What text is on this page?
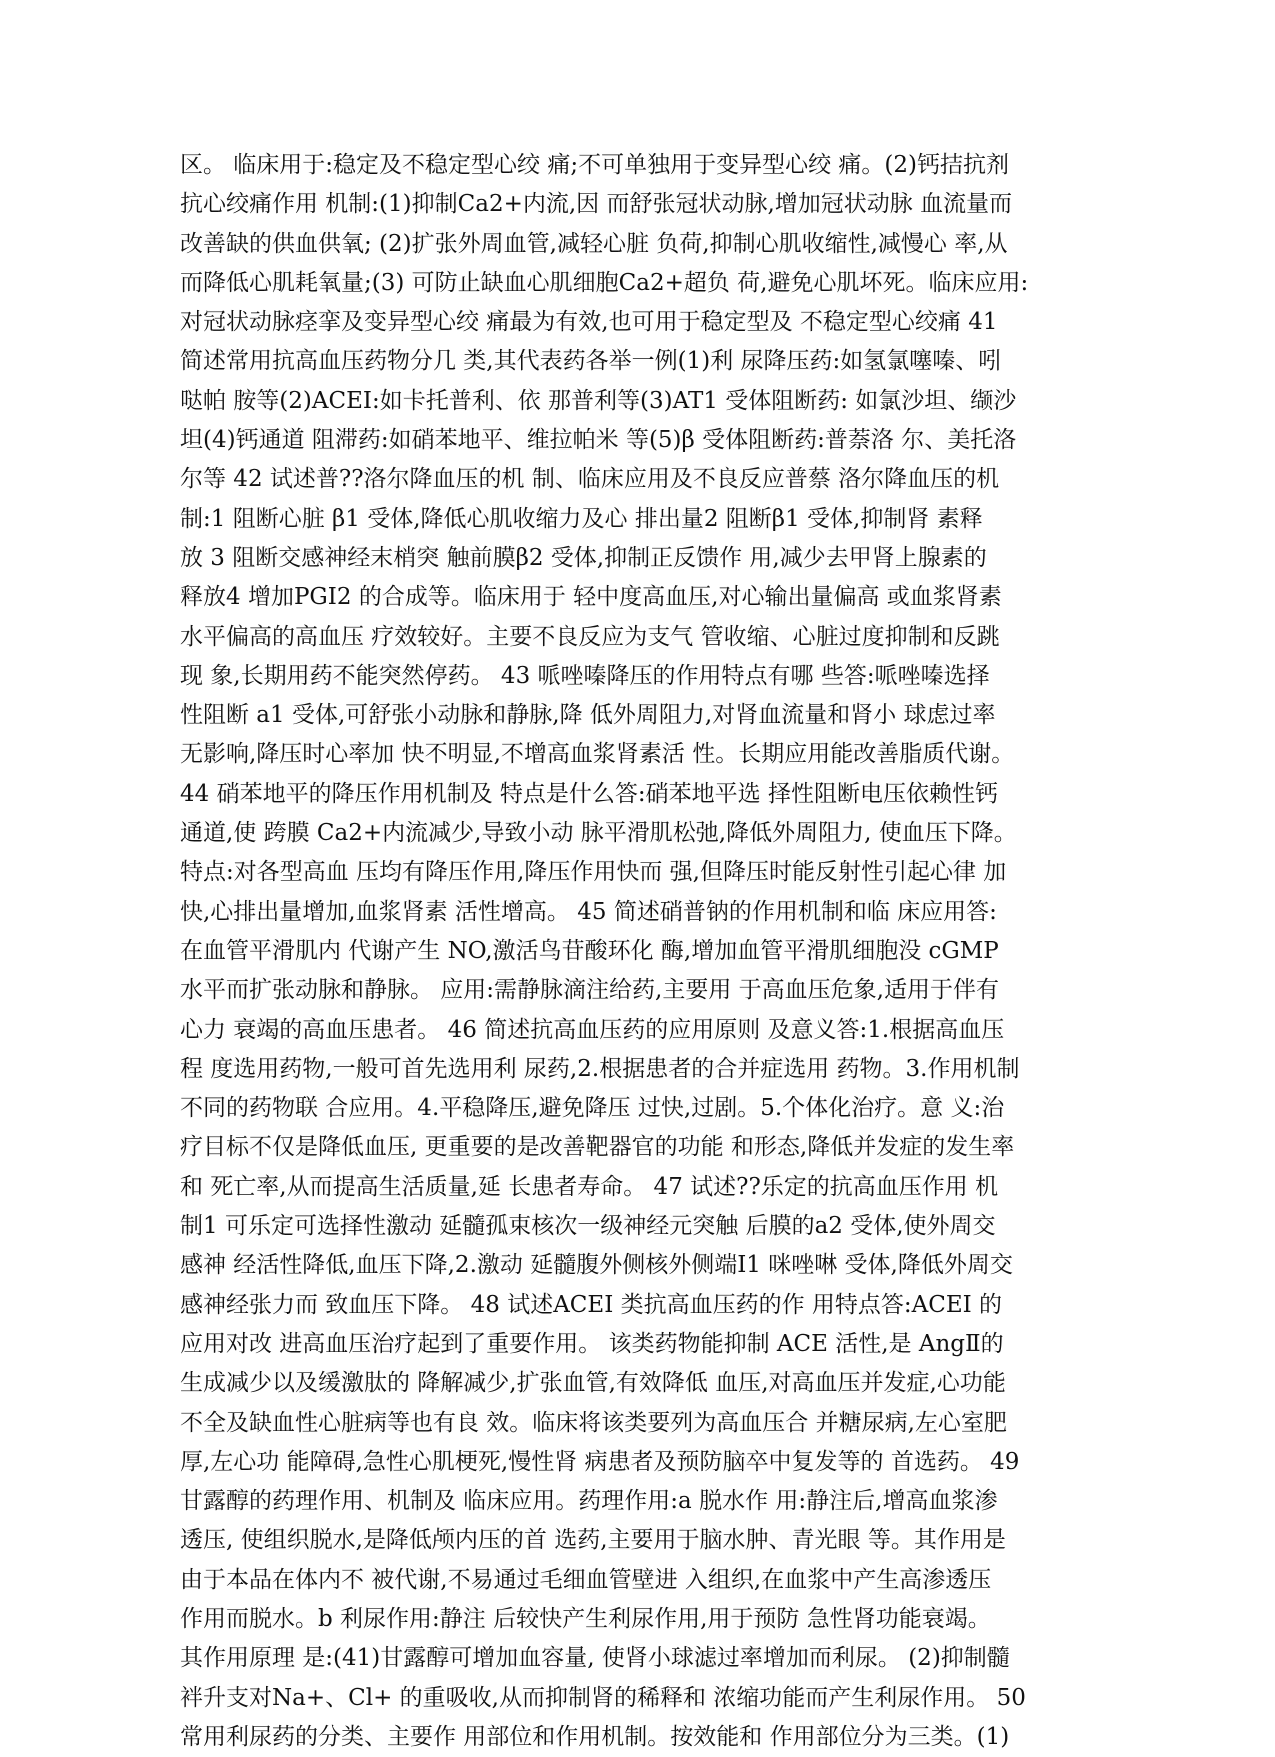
区。 临床用于:稳定及不稳定型心绞 痛;不可单独用于变异型心绞 痛。(2)钙拮抗剂
抗心绞痛作用 机制:(1)抑制Ca2+内流,因 而舒张冠状动脉,增加冠状动脉 血流量而
改善缺的供血供氧; (2)扩张外周血管,减轻心脏 负荷,抑制心肌收缩性,减慢心 率,从
而降低心肌耗氧量;(3) 可防止缺血心肌细胞Ca2+超负 荷,避免心肌坏死。临床应用:
对冠状动脉痉挛及变异型心绞 痛最为有效,也可用于稳定型及 不稳定型心绞痛 41
简述常用抗高血压药物分几 类,其代表药各举一例(1)利 尿降压药:如氢氯噻嗪、吲
哒帕 胺等(2)ACEI:如卡托普利、依 那普利等(3)AT1 受体阻断药: 如氯沙坦、缬沙
坦(4)钙通道 阻滞药:如硝苯地平、维拉帕米 等(5)β 受体阻断药:普萘洛 尔、美托洛
尔等 42 试述普??洛尔降血压的机 制、临床应用及不良反应普蔡 洛尔降血压的机
制:1 阻断心脏 β1 受体,降低心肌收缩力及心 排出量2 阻断β1 受体,抑制肾 素释
放 3 阻断交感神经末梢突 触前膜β2 受体,抑制正反馈作 用,减少去甲肾上腺素的
释放4 增加PGI2 的合成等。临床用于 轻中度高血压,对心输出量偏高 或血浆肾素
水平偏高的高血压 疗效较好。主要不良反应为支气 管收缩、心脏过度抑制和反跳
现 象,长期用药不能突然停药。 43 哌唑嗪降压的作用特点有哪 些答:哌唑嗪选择
性阻断 a1 受体,可舒张小动脉和静脉,降 低外周阻力,对肾血流量和肾小 球虑过率
无影响,降压时心率加 快不明显,不增高血浆肾素活 性。长期应用能改善脂质代谢。
44 硝苯地平的降压作用机制及 特点是什么答:硝苯地平选 择性阻断电压依赖性钙
通道,使 跨膜 Ca2+内流减少,导致小动 脉平滑肌松弛,降低外周阻力, 使血压下降。
特点:对各型高血 压均有降压作用,降压作用快而 强,但降压时能反射性引起心律 加
快,心排出量增加,血浆肾素 活性增高。 45 简述硝普钠的作用机制和临 床应用答:
在血管平滑肌内 代谢产生 NO,激活鸟苷酸环化 酶,增加血管平滑肌细胞没 cGMP
水平而扩张动脉和静脉。 应用:需静脉滴注给药,主要用 于高血压危象,适用于伴有
心力 衰竭的高血压患者。 46 简述抗高血压药的应用原则 及意义答:1.根据高血压
程 度选用药物,一般可首先选用利 尿药,2.根据患者的合并症选用 药物。3.作用机制
不同的药物联 合应用。4.平稳降压,避免降压 过快,过剧。5.个体化治疗。意 义:治
疗目标不仅是降低血压, 更重要的是改善靶器官的功能 和形态,降低并发症的发生率
和 死亡率,从而提高生活质量,延 长患者寿命。 47 试述??乐定的抗高血压作用 机
制1 可乐定可选择性激动 延髓孤束核次一级神经元突触 后膜的a2 受体,使外周交
感神 经活性降低,血压下降,2.激动 延髓腹外侧核外侧端I1 咪唑啉 受体,降低外周交
感神经张力而 致血压下降。 48 试述ACEI 类抗高血压药的作 用特点答:ACEI 的
应用对改 进高血压治疗起到了重要作用。 该类药物能抑制 ACE 活性,是 AngⅡ的
生成减少以及缓激肽的 降解减少,扩张血管,有效降低 血压,对高血压并发症,心功能
不全及缺血性心脏病等也有良 效。临床将该类要列为高血压合 并糖尿病,左心室肥
厚,左心功 能障碍,急性心肌梗死,慢性肾 病患者及预防脑卒中复发等的 首选药。 49
甘露醇的药理作用、机制及 临床应用。药理作用:a 脱水作 用:静注后,增高血浆渗
透压, 使组织脱水,是降低颅内压的首 选药,主要用于脑水肿、青光眼 等。其作用是
由于本品在体内不 被代谢,不易通过毛细血管壁进 入组织,在血浆中产生高渗透压
作用而脱水。b 利尿作用:静注 后较快产生利尿作用,用于预防 急性肾功能衰竭。
其作用原理 是:(41)甘露醇可增加血容量, 使肾小球滤过率增加而利尿。 (2)抑制髓
袢升支对Na+、Cl+ 的重吸收,从而抑制肾的稀释和 浓缩功能而产生利尿作用。 50
常用利尿药的分类、主要作 用部位和作用机制。按效能和 作用部位分为三类。(1)
